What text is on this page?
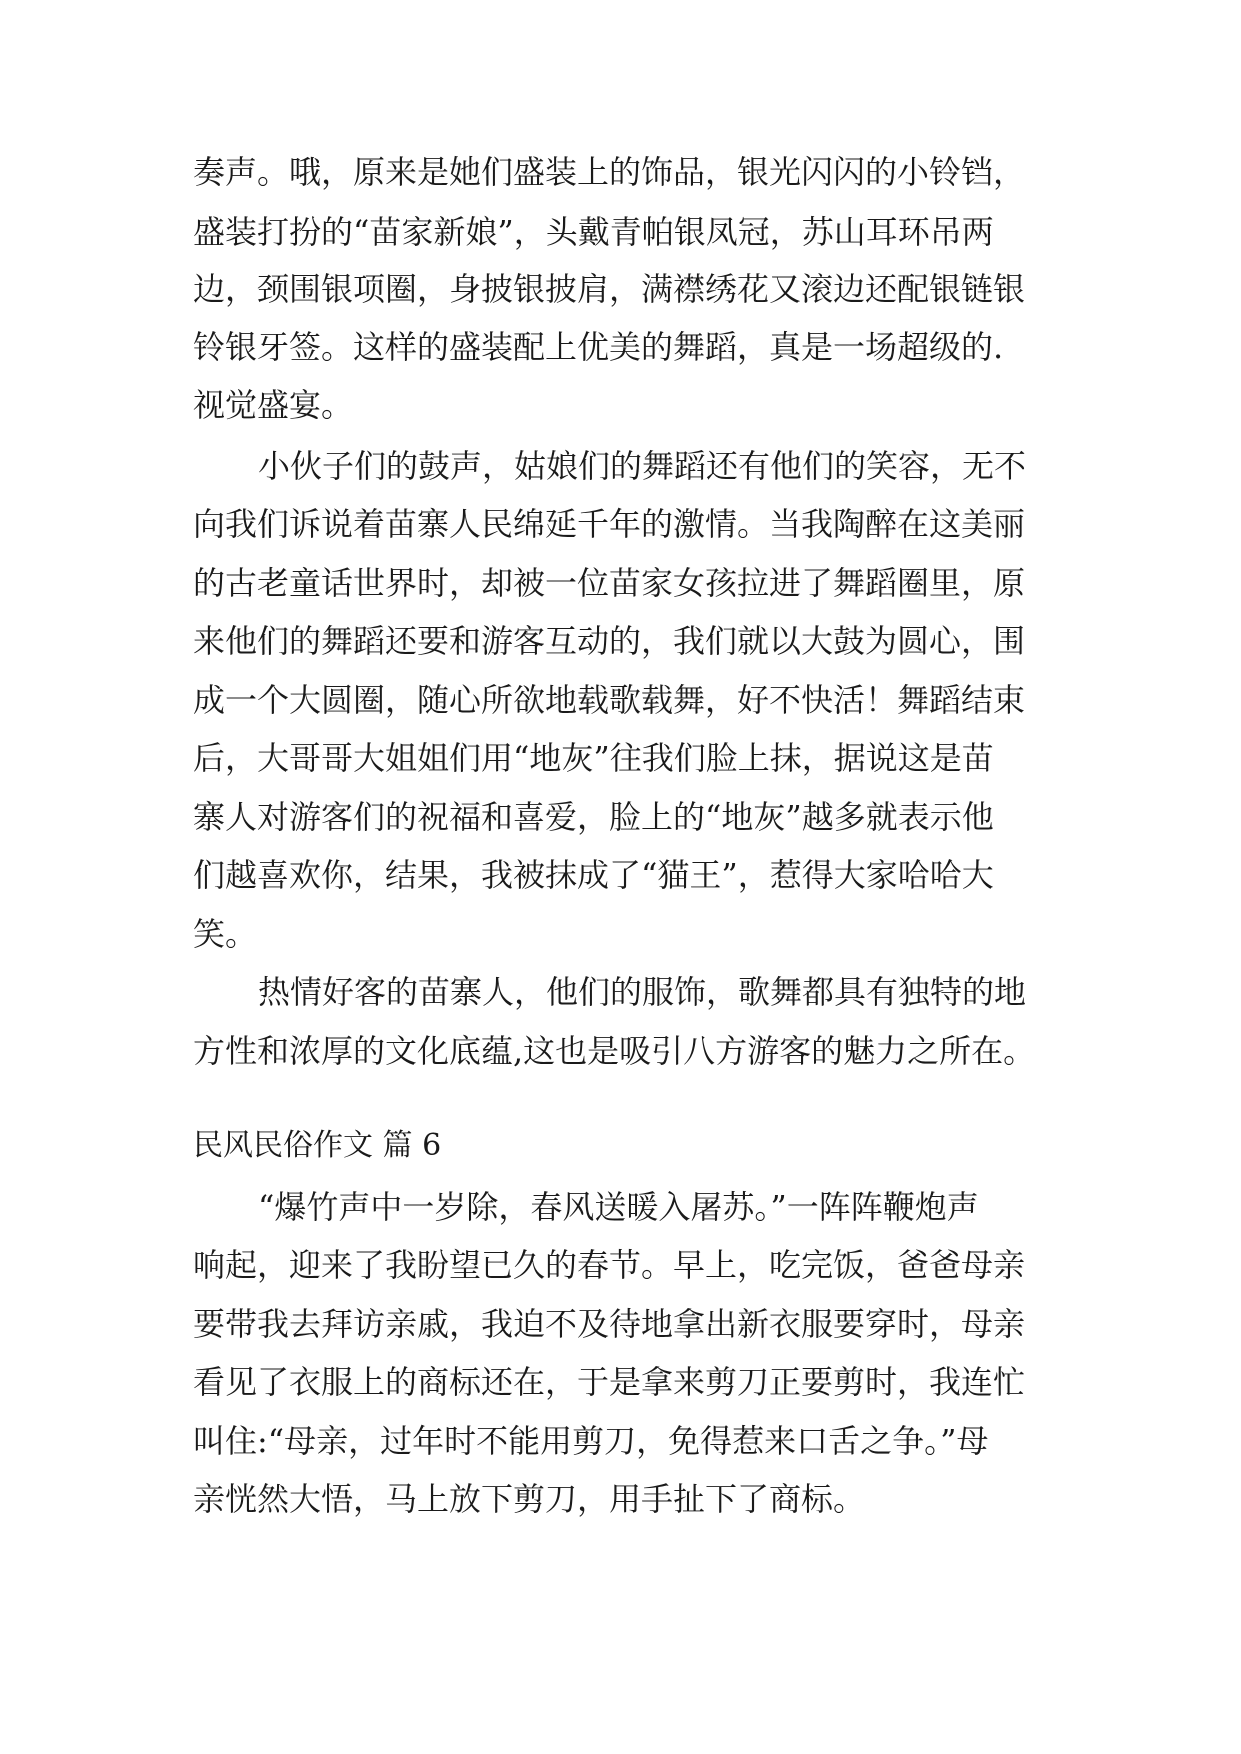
奏声。哦，原来是她们盛装上的饰品，银光闪闪的小铃铛，
盛装打扮的“苗家新娘”，头戴青帕银凤冠，苏山耳环吊两
边，颈围银项圈，身披银披肩，满襟绣花又滚边还配银链银
铃银牙签。这样的盛装配上优美的舞蹈，真是一场超级的.
视觉盛宴。
小伙子们的鼓声，姑娘们的舞蹈还有他们的笑容，无不
向我们诉说着苗寨人民绵延千年的激情。当我陶醉在这美丽
的古老童话世界时，却被一位苗家女孩拉进了舞蹈圈里，原
来他们的舞蹈还要和游客互动的，我们就以大鼓为圆心，围
成一个大圆圈，随心所欲地载歌载舞，好不快活！舞蹈结束
后，大哥哥大姐姐们用“地灰”往我们脸上抹，据说这是苗
寨人对游客们的祝福和喜爱，脸上的“地灰”越多就表示他
们越喜欢你，结果，我被抹成了“猫王”，惹得大家哈哈大
笑。
热情好客的苗寨人，他们的服饰，歌舞都具有独特的地
方性和浓厚的文化底蕴,这也是吸引八方游客的魅力之所在。
民风民俗作文 篇 6
“爆竹声中一岁除，春风送暖入屠苏。”一阵阵鞭炮声
响起，迎来了我盼望已久的春节。早上，吃完饭，爸爸母亲
要带我去拜访亲戚，我迫不及待地拿出新衣服要穿时，母亲
看见了衣服上的商标还在，于是拿来剪刀正要剪时，我连忙
叫住:“母亲，过年时不能用剪刀，免得惹来口舌之争。”母
亲恍然大悟，马上放下剪刀，用手扯下了商标。
